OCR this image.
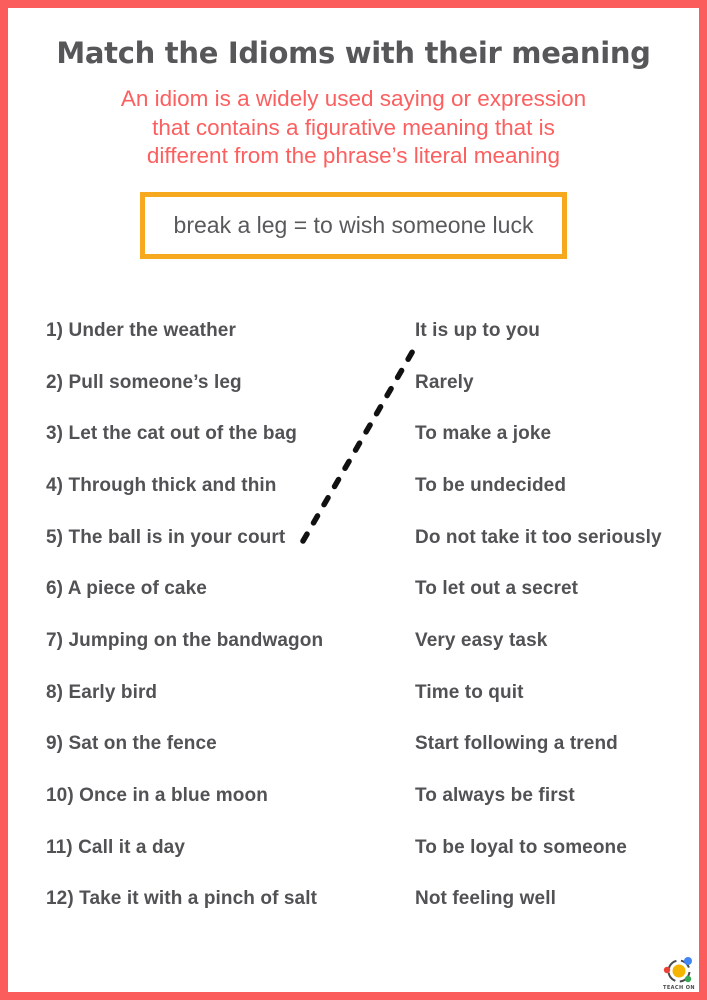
Match the Idioms with their meaning
An idiom is a widely used saying or expression
that contains a figurative meaning that is
different from the phrase’s literal meaning
break a leg = to wish someone luck
1) Under the weather	It is up to you
2) Pull someone’s leg	Rarely
3) Let the cat out of the bag	To make a joke
4) Through thick and thin	To be undecided
5) The ball is in your court	Do not take it too seriously
6) A piece of cake	To let out a secret
7) Jumping on the bandwagon	Very easy task
8) Early bird	Time to quit
9) Sat on the fence	Start following a trend
10) Once in a blue moon	To always be first
11) Call it a day	To be loyal to someone
12) Take it with a pinch of salt	Not feeling well
TEACH ON
